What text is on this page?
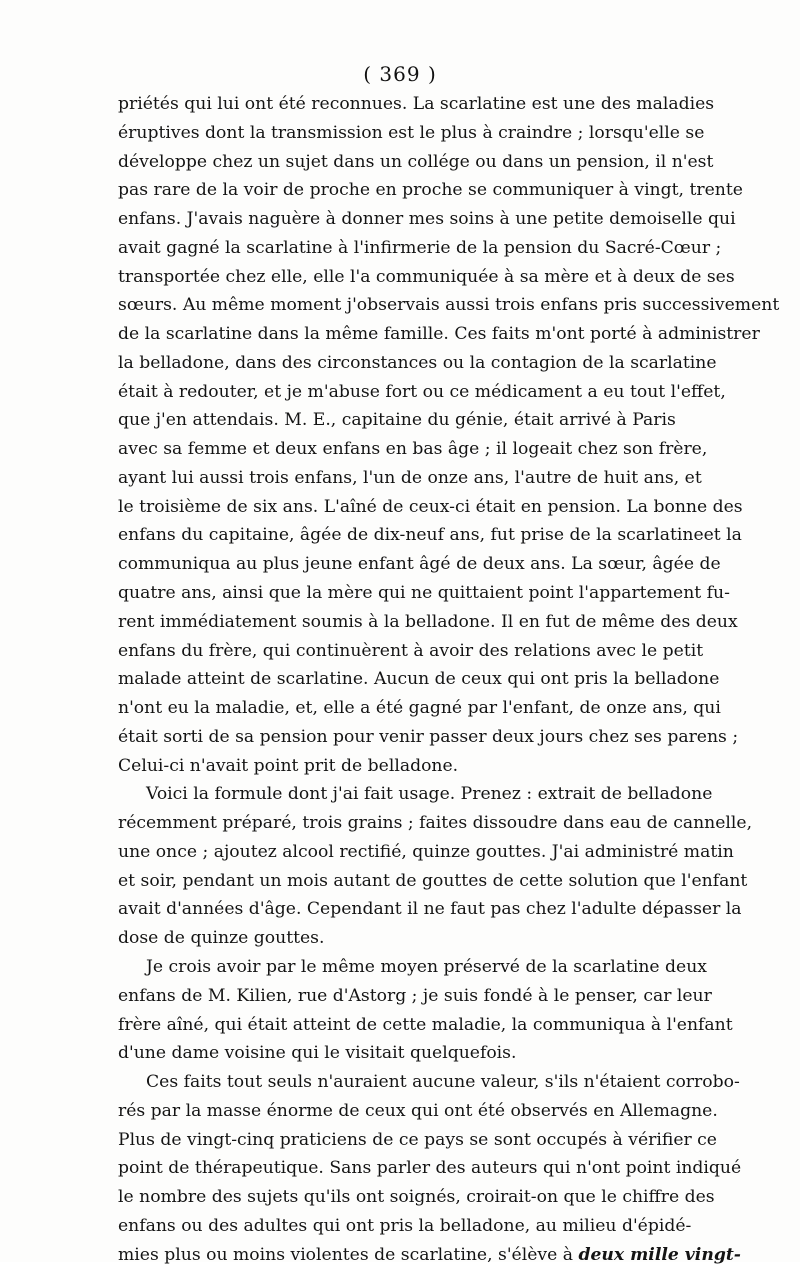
( 369 )
priétés qui lui ont été reconnues. La scarlatine est une des maladies
éruptives dont la transmission est le plus à craindre ; lorsqu'elle se
développe chez un sujet dans un collége ou dans un pension, il n'est
pas rare de la voir de proche en proche se communiquer à vingt, trente
enfans. J'avais naguère à donner mes soins à une petite demoiselle qui
avait gagné la scarlatine à l'infirmerie de la pension du Sacré-Cœur ;
transportée chez elle, elle l'a communiquée à sa mère et à deux de ses
sœurs. Au même moment j'observais aussi trois enfans pris successivement
de la scarlatine dans la même famille. Ces faits m'ont porté à administrer
la belladone, dans des circonstances ou la contagion de la scarlatine
était à redouter, et je m'abuse fort ou ce médicament a eu tout l'effet,
que j'en attendais. M. E., capitaine du génie, était arrivé à Paris
avec sa femme et deux enfans en bas âge ; il logeait chez son frère,
ayant lui aussi trois enfans, l'un de onze ans, l'autre de huit ans, et
le troisième de six ans. L'aîné de ceux-ci était en pension. La bonne des
enfans du capitaine, âgée de dix-neuf ans, fut prise de la scarlatineet la
communiqua au plus jeune enfant âgé de deux ans. La sœur, âgée de
quatre ans, ainsi que la mère qui ne quittaient point l'appartement fu-
rent immédiatement soumis à la belladone. Il en fut de même des deux
enfans du frère, qui continuèrent à avoir des relations avec le petit
malade atteint de scarlatine. Aucun de ceux qui ont pris la belladone
n'ont eu la maladie, et, elle a été gagné par l'enfant, de onze ans, qui
était sorti de sa pension pour venir passer deux jours chez ses parens ;
Celui-ci n'avait point prit de belladone.
Voici la formule dont j'ai fait usage. Prenez : extrait de belladone
récemment préparé, trois grains ; faites dissoudre dans eau de cannelle,
une once ; ajoutez alcool rectifié, quinze gouttes. J'ai administré matin
et soir, pendant un mois autant de gouttes de cette solution que l'enfant
avait d'années d'âge. Cependant il ne faut pas chez l'adulte dépasser la
dose de quinze gouttes.
Je crois avoir par le même moyen préservé de la scarlatine deux
enfans de M. Kilien, rue d'Astorg ; je suis fondé à le penser, car leur
frère aîné, qui était atteint de cette maladie, la communiqua à l'enfant
d'une dame voisine qui le visitait quelquefois.
Ces faits tout seuls n'auraient aucune valeur, s'ils n'étaient corrobo-
rés par la masse énorme de ceux qui ont été observés en Allemagne.
Plus de vingt-cinq praticiens de ce pays se sont occupés à vérifier ce
point de thérapeutique. Sans parler des auteurs qui n'ont point indiqué
le nombre des sujets qu'ils ont soignés, croirait-on que le chiffre des
enfans ou des adultes qui ont pris la belladone, au milieu d'épidé-
mies plus ou moins violentes de scarlatine, s'élève à deux mille vingt-
